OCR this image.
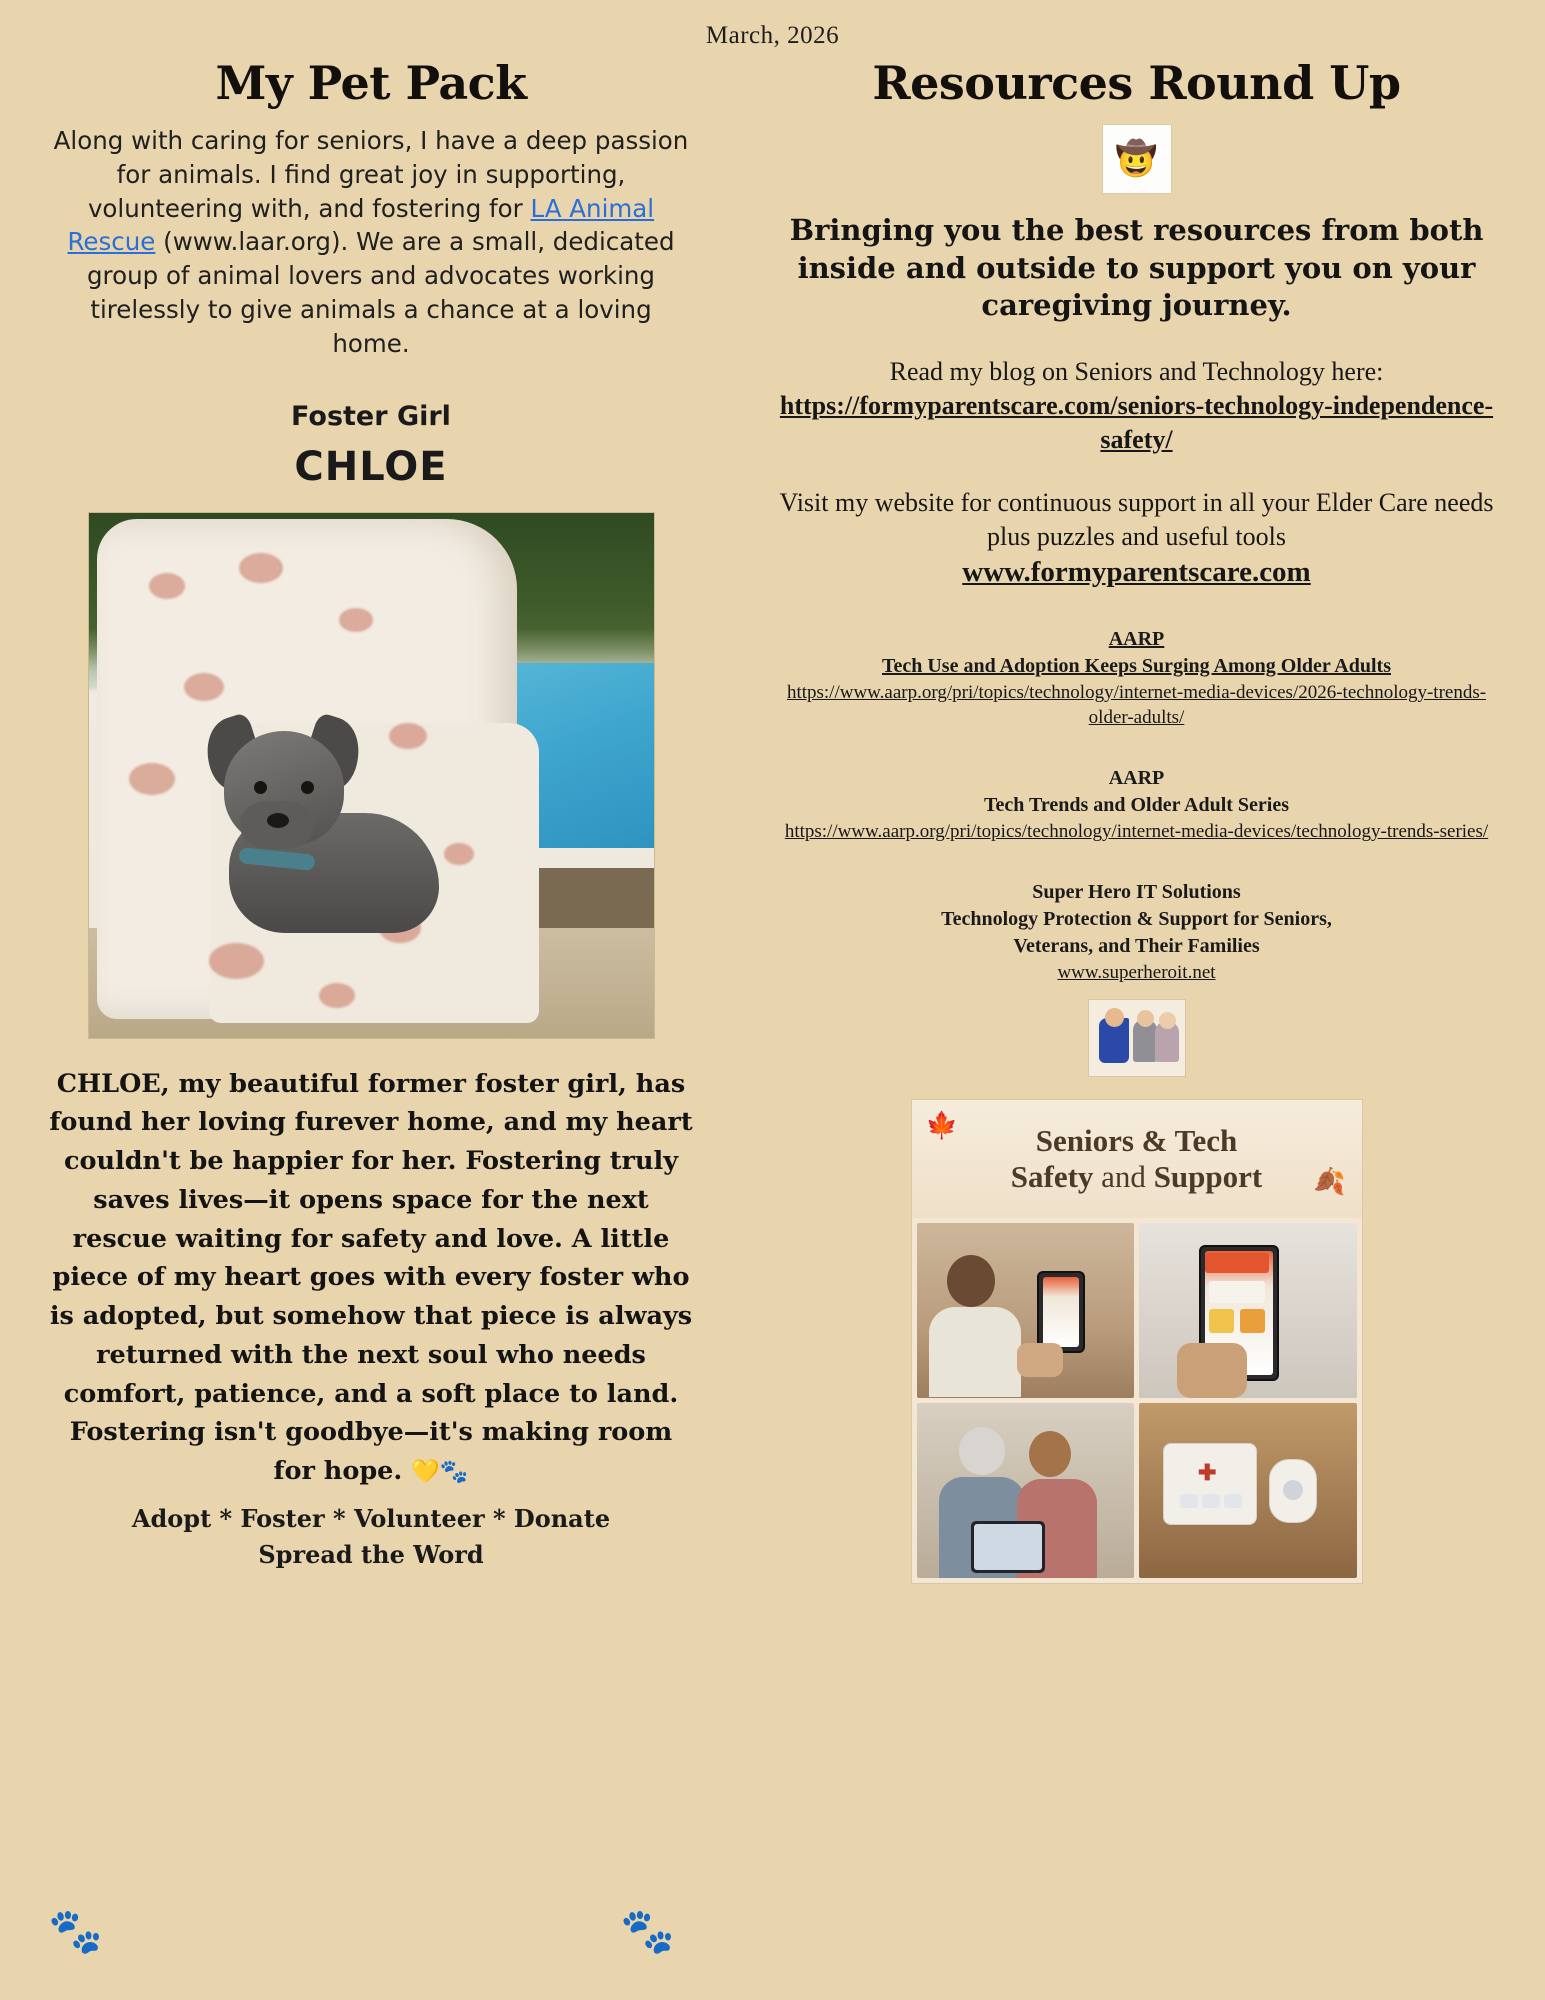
March, 2026
My Pet Pack
Along with caring for seniors, I have a deep passion for animals. I find great joy in supporting, volunteering with, and fostering for LA Animal Rescue (www.laar.org). We are a small, dedicated group of animal lovers and advocates working tirelessly to give animals a chance at a loving home.
Foster Girl
CHLOE
CHLOE, my beautiful former foster girl, has found her loving furever home, and my heart couldn't be happier for her. Fostering truly saves lives—it opens space for the next rescue waiting for safety and love. A little piece of my heart goes with every foster who is adopted, but somehow that piece is always returned with the next soul who needs comfort, patience, and a soft place to land. Fostering isn't goodbye—it's making room for hope. 💛🐾
Adopt * Foster * Volunteer * Donate
Spread the Word
Resources Round Up
🤠
Bringing you the best resources from both inside and outside to support you on your caregiving journey.
Read my blog on Seniors and Technology here:
https://formyparentscare.com/seniors-technology-independence-safety/
Visit my website for continuous support in all your Elder Care needs plus puzzles and useful tools
www.formyparentscare.com
AARP
Tech Use and Adoption Keeps Surging Among Older Adults
https://www.aarp.org/pri/topics/technology/internet-media-devices/2026-technology-trends-older-adults/
AARP
Tech Trends and Older Adult Series
https://www.aarp.org/pri/topics/technology/internet-media-devices/technology-trends-series/
Super Hero IT Solutions
Technology Protection & Support for Seniors,
Veterans, and Their Families
www.superheroit.net
🍁
🍂
Seniors & Tech
Safety and Support
✚
🐾	🐾
